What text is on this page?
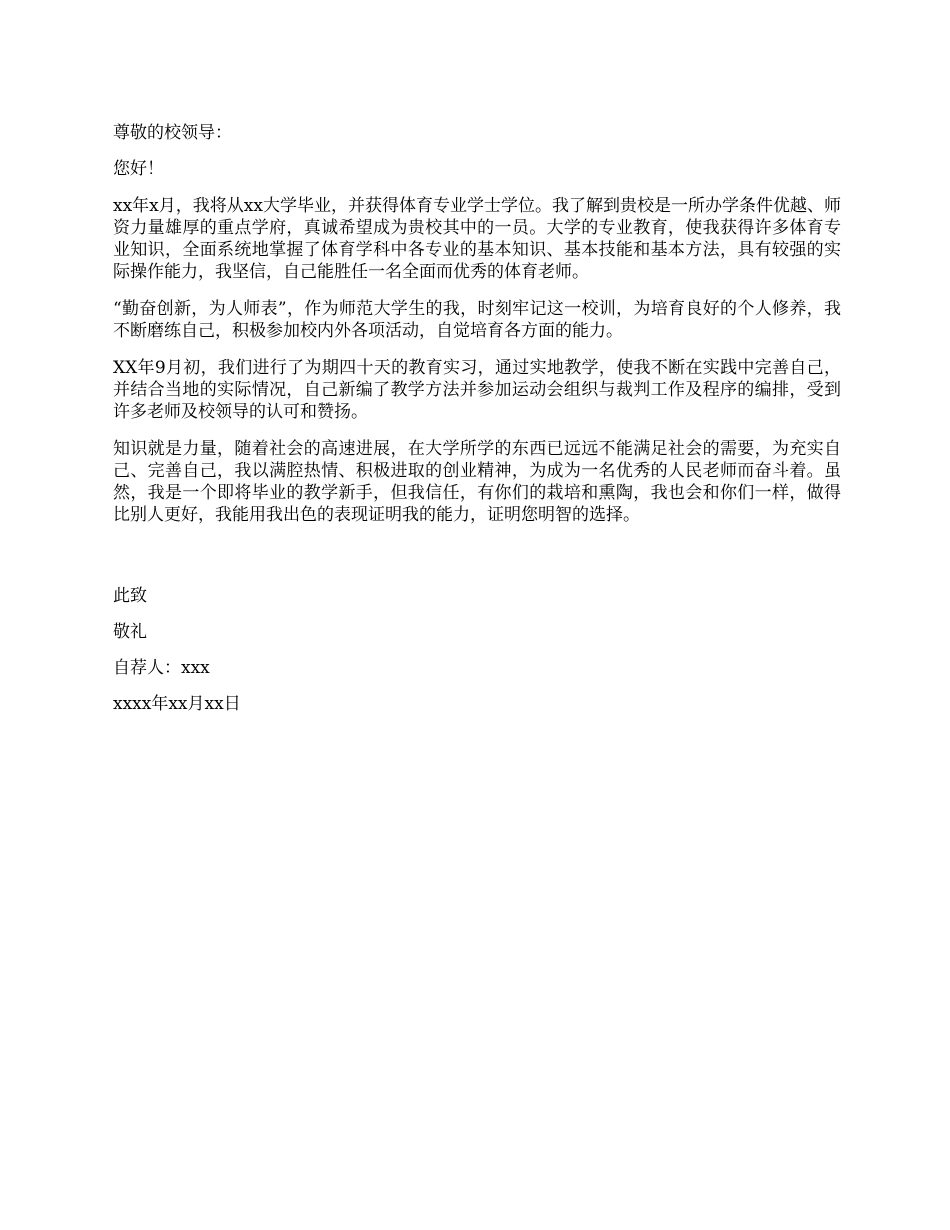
尊敬的校领导：

您好！

xx年x月，我将从xx大学毕业，并获得体育专业学士学位。我了解到贵校是一所办学条件优越、师资力量雄厚的重点学府，真诚希望成为贵校其中的一员。大学的专业教育，使我获得许多体育专业知识，全面系统地掌握了体育学科中各专业的基本知识、基本技能和基本方法，具有较强的实际操作能力，我坚信，自己能胜任一名全面而优秀的体育老师。

“勤奋创新，为人师表”，作为师范大学生的我，时刻牢记这一校训，为培育良好的个人修养，我不断磨练自己，积极参加校内外各项活动，自觉培育各方面的能力。

XX年9月初，我们进行了为期四十天的教育实习，通过实地教学，使我不断在实践中完善自己，并结合当地的实际情况，自己新编了教学方法并参加运动会组织与裁判工作及程序的编排，受到许多老师及校领导的认可和赞扬。

知识就是力量，随着社会的高速进展，在大学所学的东西已远远不能满足社会的需要，为充实自己、完善自己，我以满腔热情、积极进取的创业精神，为成为一名优秀的人民老师而奋斗着。虽然，我是一个即将毕业的教学新手，但我信任，有你们的栽培和熏陶，我也会和你们一样，做得比别人更好，我能用我出色的表现证明我的能力，证明您明智的选择。

此致

敬礼

自荐人：xxx

xxxx年xx月xx日
